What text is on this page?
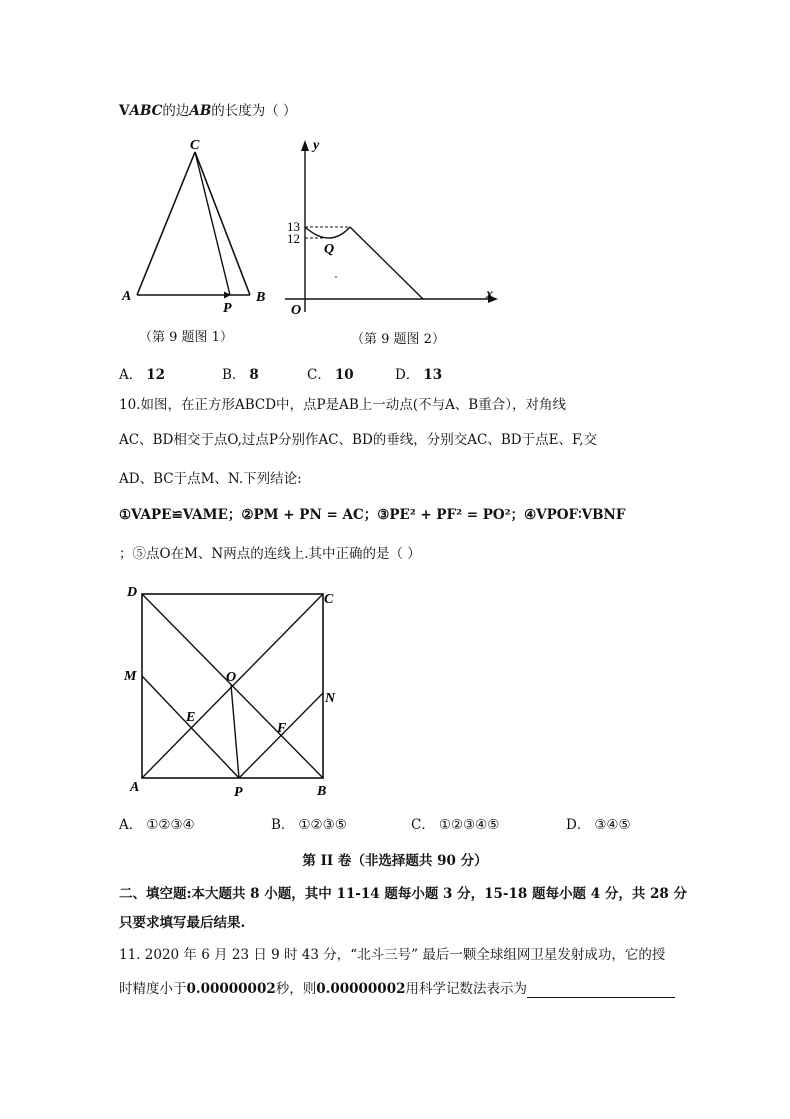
VABC的边AB的长度为（ ）
C
A
P
B
（第 9 题图 1）
y
x
O
13
12
Q
（第 9 题图 2）
A． 12	B． 8	C． 10	D． 13
10.如图，在正方形ABCD中，点P是AB上一动点(不与A、B重合），对角线
AC、BD相交于点O,过点P分别作AC、BD的垂线，分别交AC、BD于点E、F,交
AD、BC于点M、N.下列结论:
①VAPE≌VAME；②PM + PN = AC；③PE² + PF² = PO²；④VPOF∶VBNF
；⑤点O在M、N两点的连线上.其中正确的是（ ）
D	C
M	O
N
E
F
A	P	B
A． ①②③④	B． ①②③⑤	C． ①②③④⑤	D． ③④⑤
第 II 卷（非选择题共 90 分）
二、填空题:本大题共 8 小题，其中 11-14 题每小题 3 分，15-18 题每小题 4 分，共 28 分
只要求填写最后结果.
11. 2020 年 6 月 23 日 9 时 43 分，“北斗三号” 最后一颗全球组网卫星发射成功，它的授
时精度小于0.00000002秒，则0.00000002用科学记数法表示为
